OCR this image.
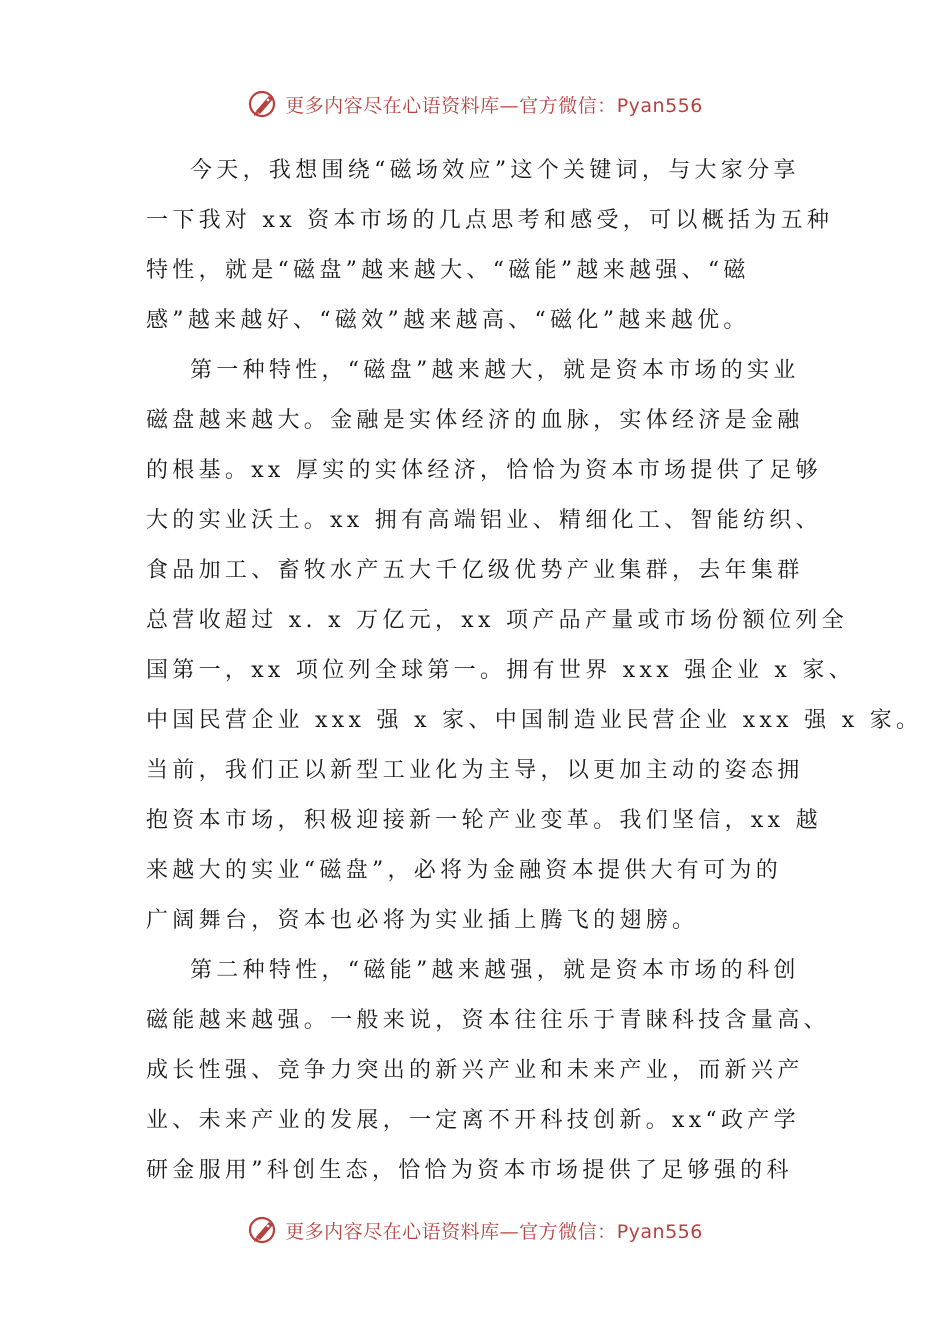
更多内容尽在心语资料库—官方微信：Pyan556
今天，我想围绕“磁场效应”这个关键词，与大家分享
一下我对 xx 资本市场的几点思考和感受，可以概括为五种
特性，就是“磁盘”越来越大、“磁能”越来越强、“磁
感”越来越好、“磁效”越来越高、“磁化”越来越优。
第一种特性，“磁盘”越来越大，就是资本市场的实业
磁盘越来越大。金融是实体经济的血脉，实体经济是金融
的根基。xx 厚实的实体经济，恰恰为资本市场提供了足够
大的实业沃土。xx 拥有高端铝业、精细化工、智能纺织、
食品加工、畜牧水产五大千亿级优势产业集群，去年集群
总营收超过 x. x 万亿元，xx 项产品产量或市场份额位列全
国第一，xx 项位列全球第一。拥有世界 xxx 强企业 x 家、
中国民营企业 xxx 强 x 家、中国制造业民营企业 xxx 强 x 家。
当前，我们正以新型工业化为主导，以更加主动的姿态拥
抱资本市场，积极迎接新一轮产业变革。我们坚信，xx 越
来越大的实业“磁盘”，必将为金融资本提供大有可为的
广阔舞台，资本也必将为实业插上腾飞的翅膀。
第二种特性，“磁能”越来越强，就是资本市场的科创
磁能越来越强。一般来说，资本往往乐于青睐科技含量高、
成长性强、竞争力突出的新兴产业和未来产业，而新兴产
业、未来产业的发展，一定离不开科技创新。xx“政产学
研金服用”科创生态，恰恰为资本市场提供了足够强的科
更多内容尽在心语资料库—官方微信：Pyan556
